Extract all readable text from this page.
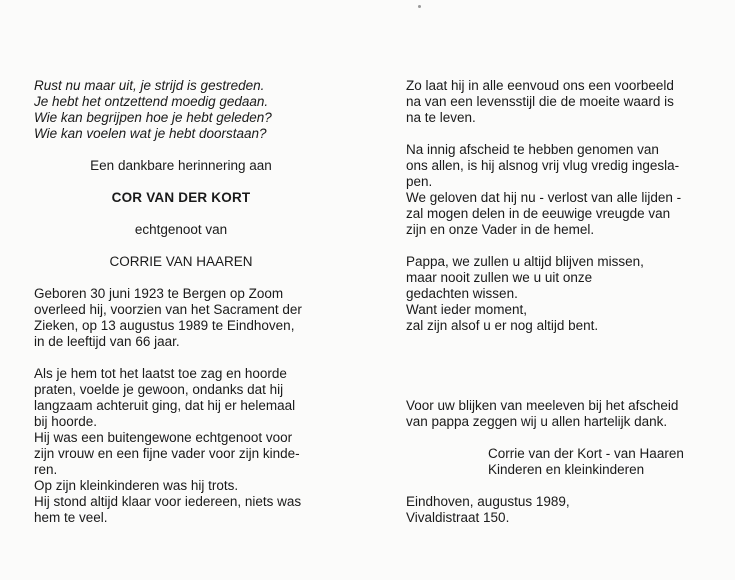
Rust nu maar uit, je strijd is gestreden.
Je hebt het ontzettend moedig gedaan.
Wie kan begrijpen hoe je hebt geleden?
Wie kan voelen wat je hebt doorstaan?

Een dankbare herinnering aan

COR VAN DER KORT

echtgenoot van

CORRIE VAN HAAREN

Geboren 30 juni 1923 te Bergen op Zoom
overleed hij, voorzien van het Sacrament der
Zieken, op 13 augustus 1989 te Eindhoven,
in de leeftijd van 66 jaar.
Als je hem tot het laatst toe zag en hoorde
praten, voelde je gewoon, ondanks dat hij
langzaam achteruit ging, dat hij er helemaal
bij hoorde.
Hij was een buitengewone echtgenoot voor
zijn vrouw en een fijne vader voor zijn kinde-
ren.
Op zijn kleinkinderen was hij trots.
Hij stond altijd klaar voor iedereen, niets was
hem te veel.
Zo laat hij in alle eenvoud ons een voorbeeld
na van een levensstijl die de moeite waard is
na te leven.
Na innig afscheid te hebben genomen van
ons allen, is hij alsnog vrij vlug vredig ingesla-
pen.
We geloven dat hij nu - verlost van alle lijden -
zal mogen delen in de eeuwige vreugde van
zijn en onze Vader in de hemel.
Pappa, we zullen u altijd blijven missen,
maar nooit zullen we u uit onze
gedachten wissen.
Want ieder moment,
zal zijn alsof u er nog altijd bent.
Voor uw blijken van meeleven bij het afscheid
van pappa zeggen wij u allen hartelijk dank.
Corrie van der Kort - van Haaren
Kinderen en kleinkinderen
Eindhoven, augustus 1989,
Vivaldistraat 150.
